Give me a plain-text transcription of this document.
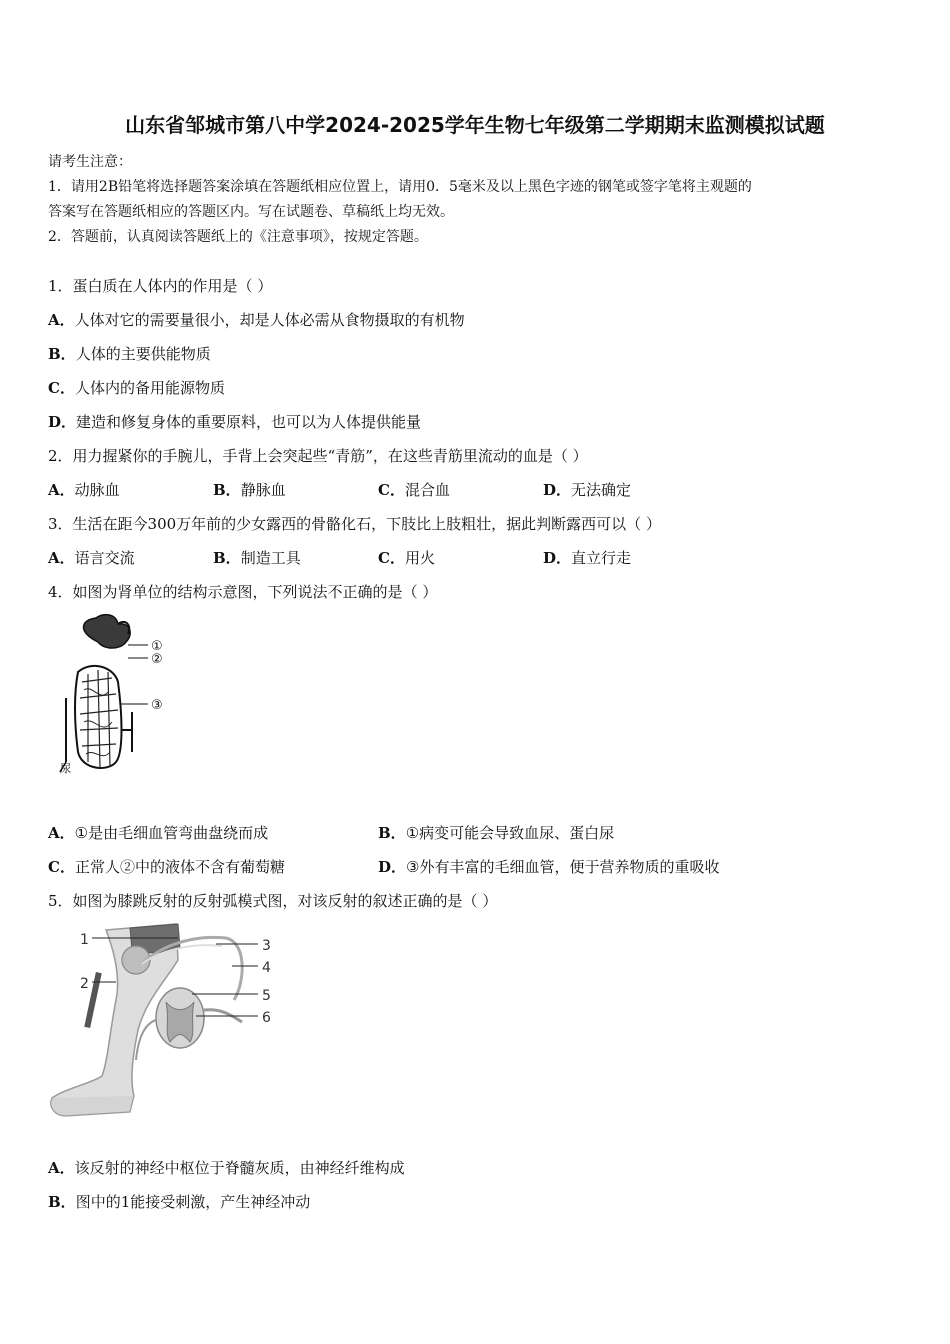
山东省邹城市第八中学2024-2025学年生物七年级第二学期期末监测模拟试题
请考生注意：
1．请用2B铅笔将选择题答案涂填在答题纸相应位置上，请用0．5毫米及以上黑色字迹的钢笔或签字笔将主观题的
答案写在答题纸相应的答题区内。写在试题卷、草稿纸上均无效。
2．答题前，认真阅读答题纸上的《注意事项》，按规定答题。
1．蛋白质在人体内的作用是（ ）
A．人体对它的需要量很小，却是人体必需从食物摄取的有机物
B．人体的主要供能物质
C．人体内的备用能源物质
D．建造和修复身体的重要原料，也可以为人体提供能量
2．用力握紧你的手腕儿，手背上会突起些“青筋”，在这些青筋里流动的血是（ ）
A．动脉血	B．静脉血	C．混合血	D．无法确定
3．生活在距今300万年前的少女露西的骨骼化石，下肢比上肢粗壮，据此判断露西可以（ ）
A．语言交流	B．制造工具	C．用火	D．直立行走
4．如图为肾单位的结构示意图，下列说法不正确的是（ ）
①
②
③
尿
A．①是由毛细血管弯曲盘绕而成	B．①病变可能会导致血尿、蛋白尿
C．正常人②中的液体不含有葡萄糖	D．③外有丰富的毛细血管，便于营养物质的重吸收
5．如图为膝跳反射的反射弧模式图，对该反射的叙述正确的是（ ）
1
2
3
4
5
6
A．该反射的神经中枢位于脊髓灰质，由神经纤维构成
B．图中的1能接受刺激，产生神经冲动
